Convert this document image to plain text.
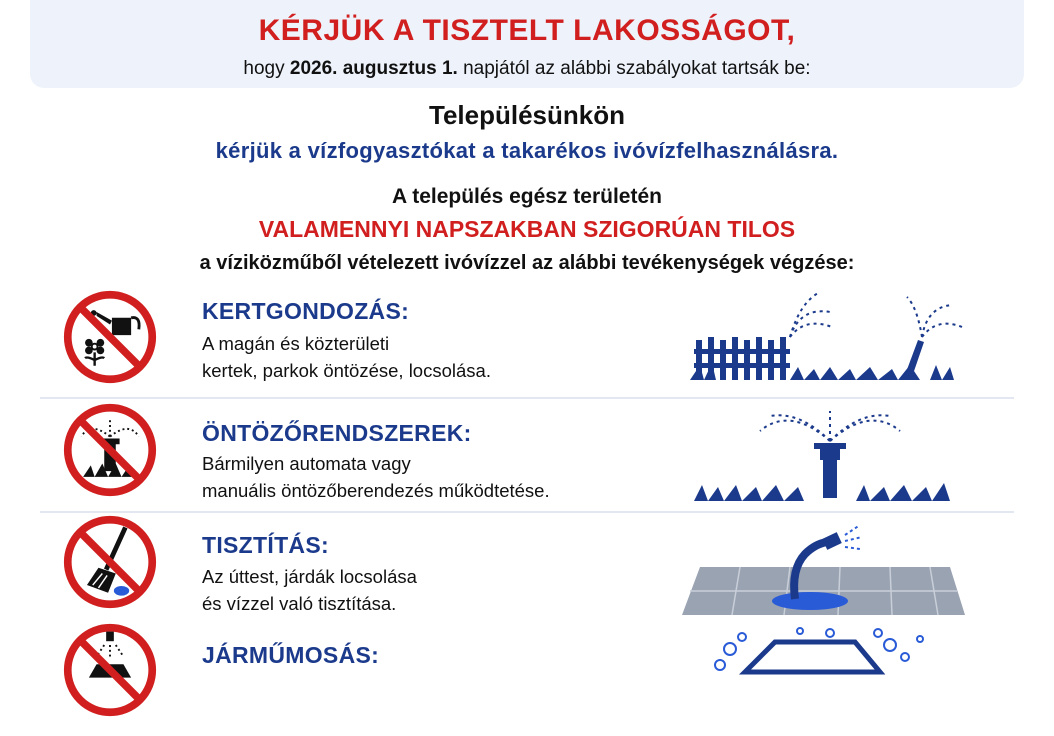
KÉRJÜK A TISZTELT LAKOSSÁGOT,
hogy 2026. augusztus 1. napjától az alábbi szabályokat tartsák be:
Településünkön
kérjük a vízfogyasztókat a takarékos ivóvízfelhasználásra.
A település egész területén
VALAMENNYI NAPSZAKBAN SZIGORÚAN TILOS
a víziközműből vételezett ivóvízzel az alábbi tevékenységek végzése:
KERTGONDOZÁS:
A magán és közterületi
kertek, parkok öntözése, locsolása.
ÖNTÖZŐRENDSZEREK:
Bármilyen automata vagy
manuális öntözőberendezés működtetése.
TISZTÍTÁS:
Az úttest, járdák locsolása
és vízzel való tisztítása.
JÁRMŰMOSÁS:
